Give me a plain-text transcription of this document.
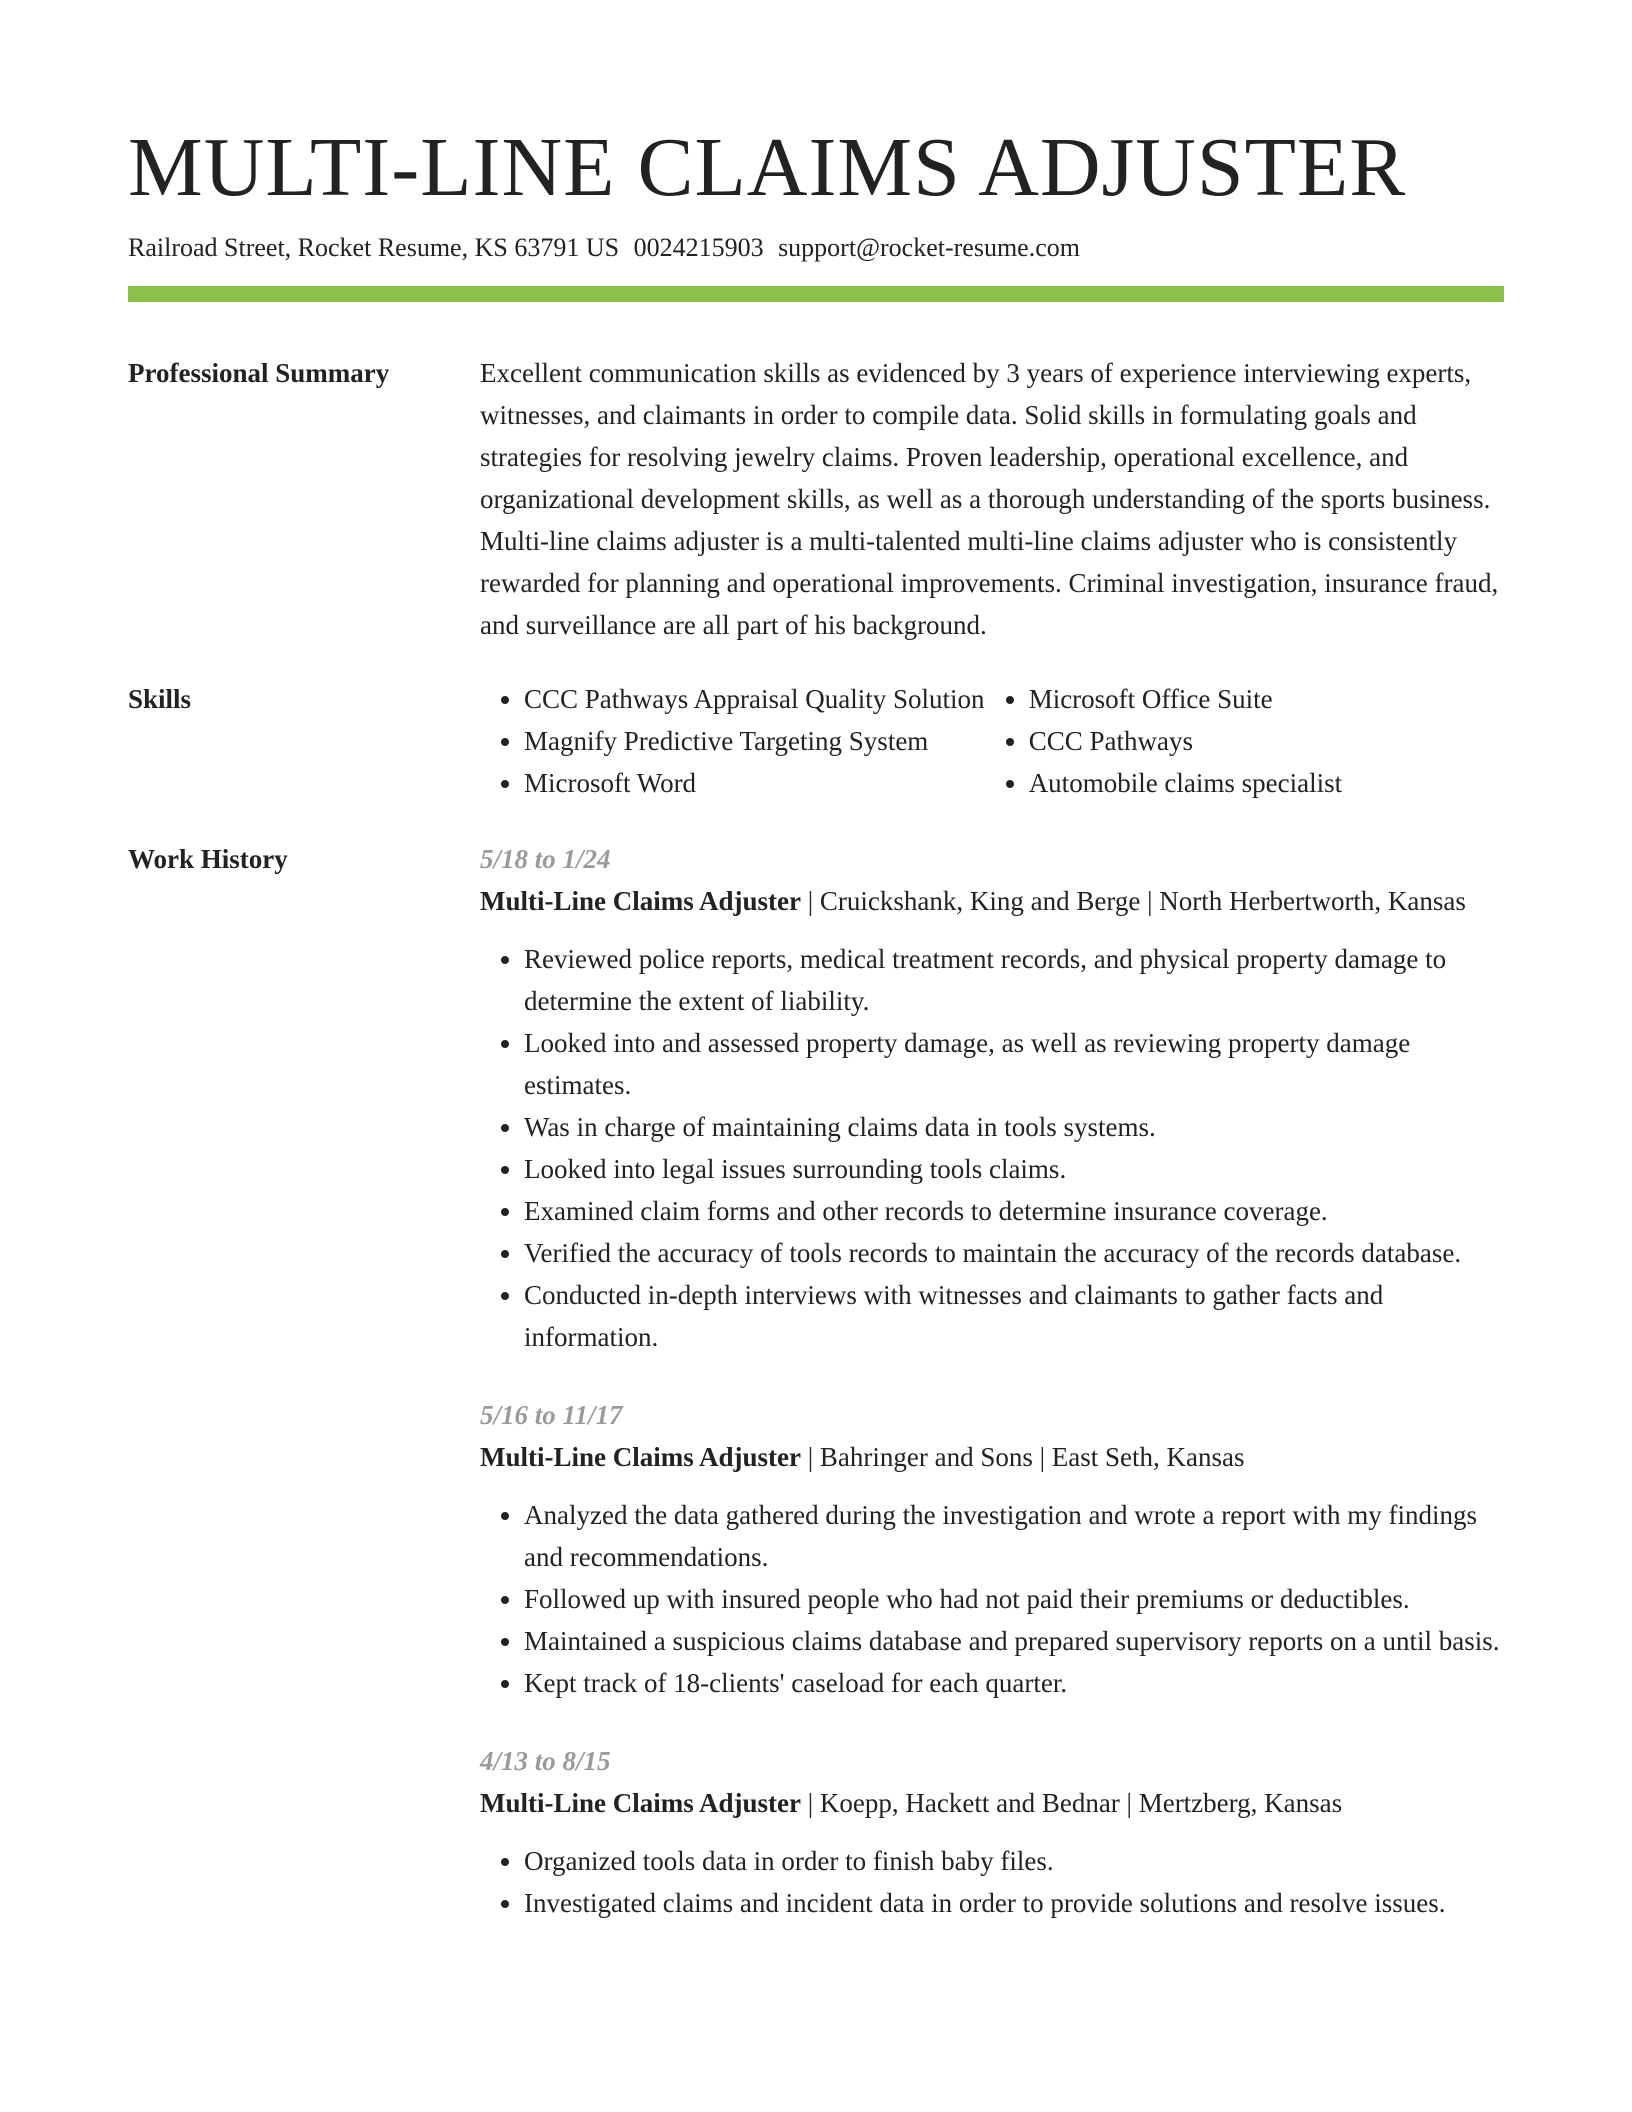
MULTI-LINE CLAIMS ADJUSTER
Railroad Street, Rocket Resume, KS 63791 US 0024215903 support@rocket-resume.com
Professional Summary	Excellent communication skills as evidenced by 3 years of experience interviewing experts, witnesses, and claimants in order to compile data. Solid skills in formulating goals and strategies for resolving jewelry claims. Proven leadership, operational excellence, and organizational development skills, as well as a thorough understanding of the sports business. Multi-line claims adjuster is a multi-talented multi-line claims adjuster who is consistently rewarded for planning and operational improvements. Criminal investigation, insurance fraud, and surveillance are all part of his background.
Skills
•	CCC Pathways Appraisal Quality Solution
• Magnify Predictive Targeting System
• Microsoft Word
• Microsoft Office Suite
• CCC Pathways
• Automobile claims specialist
Work History	5/18 to 1/24
Multi-Line Claims Adjuster | Cruickshank, King and Berge | North Herbertworth, Kansas
• Reviewed police reports, medical treatment records, and physical property damage to determine the extent of liability.
• Looked into and assessed property damage, as well as reviewing property damage estimates.
• Was in charge of maintaining claims data in tools systems.
• Looked into legal issues surrounding tools claims.
• Examined claim forms and other records to determine insurance coverage.
• Verified the accuracy of tools records to maintain the accuracy of the records database.
• Conducted in-depth interviews with witnesses and claimants to gather facts and information.
5/16 to 11/17
Multi-Line Claims Adjuster | Bahringer and Sons | East Seth, Kansas
• Analyzed the data gathered during the investigation and wrote a report with my findings and recommendations.
• Followed up with insured people who had not paid their premiums or deductibles.
• Maintained a suspicious claims database and prepared supervisory reports on a until basis.
• Kept track of 18-clients' caseload for each quarter.
4/13 to 8/15
Multi-Line Claims Adjuster | Koepp, Hackett and Bednar | Mertzberg, Kansas
• Organized tools data in order to finish baby files.
• Investigated claims and incident data in order to provide solutions and resolve issues.
